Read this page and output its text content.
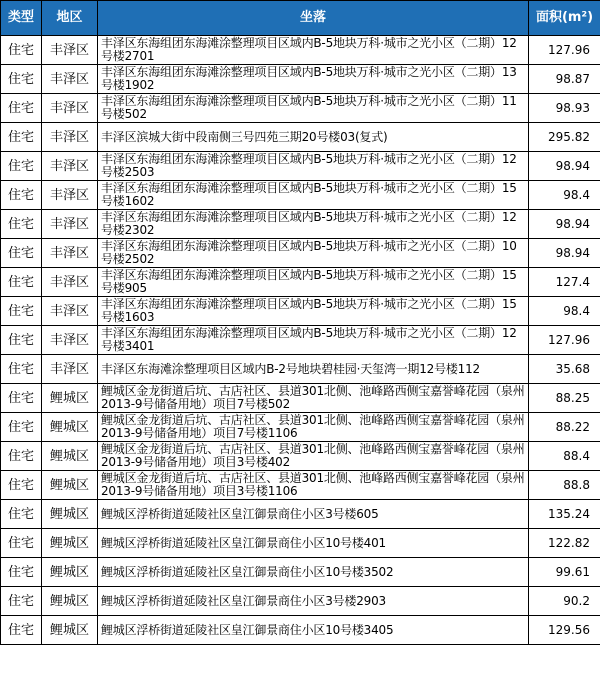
类型	地区	坐落	面积(m²)
住宅	丰泽区	丰泽区东海组团东海滩涂整理项目区域内B-5地块万科·城市之光小区（二期）12号楼2701	127.96
住宅	丰泽区	丰泽区东海组团东海滩涂整理项目区域内B-5地块万科·城市之光小区（二期）13号楼1902	98.87
住宅	丰泽区	丰泽区东海组团东海滩涂整理项目区域内B-5地块万科·城市之光小区（二期）11号楼502	98.93
住宅	丰泽区	丰泽区滨城大街中段南侧三号四苑三期20号楼03(复式)	295.82
住宅	丰泽区	丰泽区东海组团东海滩涂整理项目区域内B-5地块万科·城市之光小区（二期）12号楼2503	98.94
住宅	丰泽区	丰泽区东海组团东海滩涂整理项目区域内B-5地块万科·城市之光小区（二期）15号楼1602	98.4
住宅	丰泽区	丰泽区东海组团东海滩涂整理项目区域内B-5地块万科·城市之光小区（二期）12号楼2302	98.94
住宅	丰泽区	丰泽区东海组团东海滩涂整理项目区域内B-5地块万科·城市之光小区（二期）10号楼2502	98.94
住宅	丰泽区	丰泽区东海组团东海滩涂整理项目区域内B-5地块万科·城市之光小区（二期）15号楼905	127.4
住宅	丰泽区	丰泽区东海组团东海滩涂整理项目区域内B-5地块万科·城市之光小区（二期）15号楼1603	98.4
住宅	丰泽区	丰泽区东海组团东海滩涂整理项目区域内B-5地块万科·城市之光小区（二期）12号楼3401	127.96
住宅	丰泽区	丰泽区东海滩涂整理项目区域内B-2号地块碧桂园·天玺湾一期12号楼112	35.68
住宅	鲤城区	鲤城区金龙街道后坑、古店社区、县道301北侧、池峰路西侧宝嘉誉峰花园（泉州2013-9号储备用地）项目7号楼502	88.25
住宅	鲤城区	鲤城区金龙街道后坑、古店社区、县道301北侧、池峰路西侧宝嘉誉峰花园（泉州2013-9号储备用地）项目7号楼1106	88.22
住宅	鲤城区	鲤城区金龙街道后坑、古店社区、县道301北侧、池峰路西侧宝嘉誉峰花园（泉州2013-9号储备用地）项目3号楼402	88.4
住宅	鲤城区	鲤城区金龙街道后坑、古店社区、县道301北侧、池峰路西侧宝嘉誉峰花园（泉州2013-9号储备用地）项目3号楼1106	88.8
住宅	鲤城区	鲤城区浮桥街道延陵社区皇江御景商住小区3号楼605	135.24
住宅	鲤城区	鲤城区浮桥街道延陵社区皇江御景商住小区10号楼401	122.82
住宅	鲤城区	鲤城区浮桥街道延陵社区皇江御景商住小区10号楼3502	99.61
住宅	鲤城区	鲤城区浮桥街道延陵社区皇江御景商住小区3号楼2903	90.2
住宅	鲤城区	鲤城区浮桥街道延陵社区皇江御景商住小区10号楼3405	129.56
